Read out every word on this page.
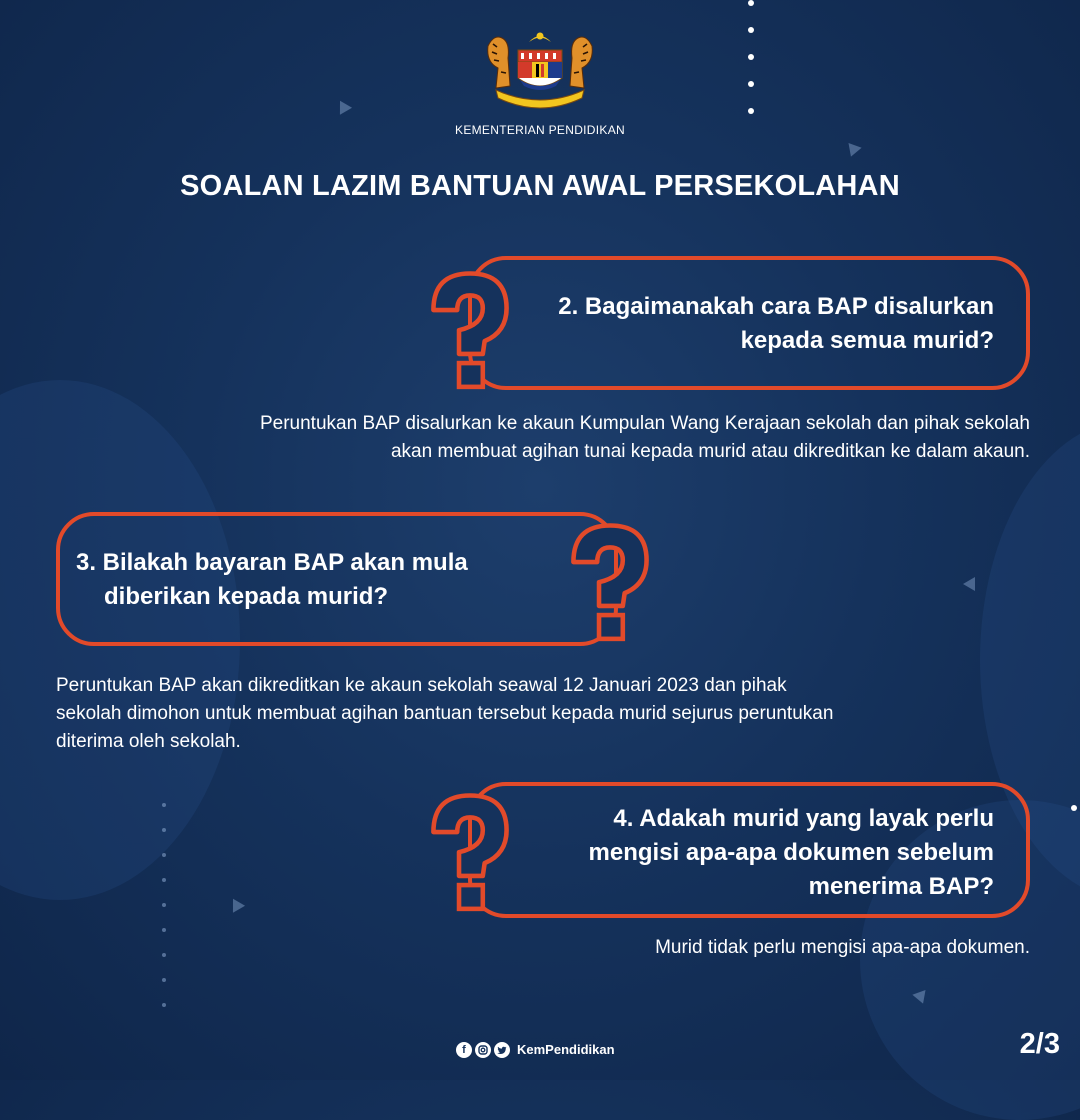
KEMENTERIAN PENDIDIKAN
SOALAN LAZIM BANTUAN AWAL PERSEKOLAHAN
2. Bagaimanakah cara BAP disalurkan
kepada semua murid?
Peruntukan BAP disalurkan ke akaun Kumpulan Wang Kerajaan sekolah dan pihak sekolah
akan membuat agihan tunai kepada murid atau dikreditkan ke dalam akaun.
3. Bilakah bayaran BAP akan mula
diberikan kepada murid?
Peruntukan BAP akan dikreditkan ke akaun sekolah seawal 12 Januari 2023 dan pihak
sekolah dimohon untuk membuat agihan bantuan tersebut kepada murid sejurus peruntukan
diterima oleh sekolah.
4. Adakah murid yang layak perlu
mengisi apa-apa dokumen sebelum
menerima BAP?
Murid tidak perlu mengisi apa-apa dokumen.
f	KemPendidikan	2/3
